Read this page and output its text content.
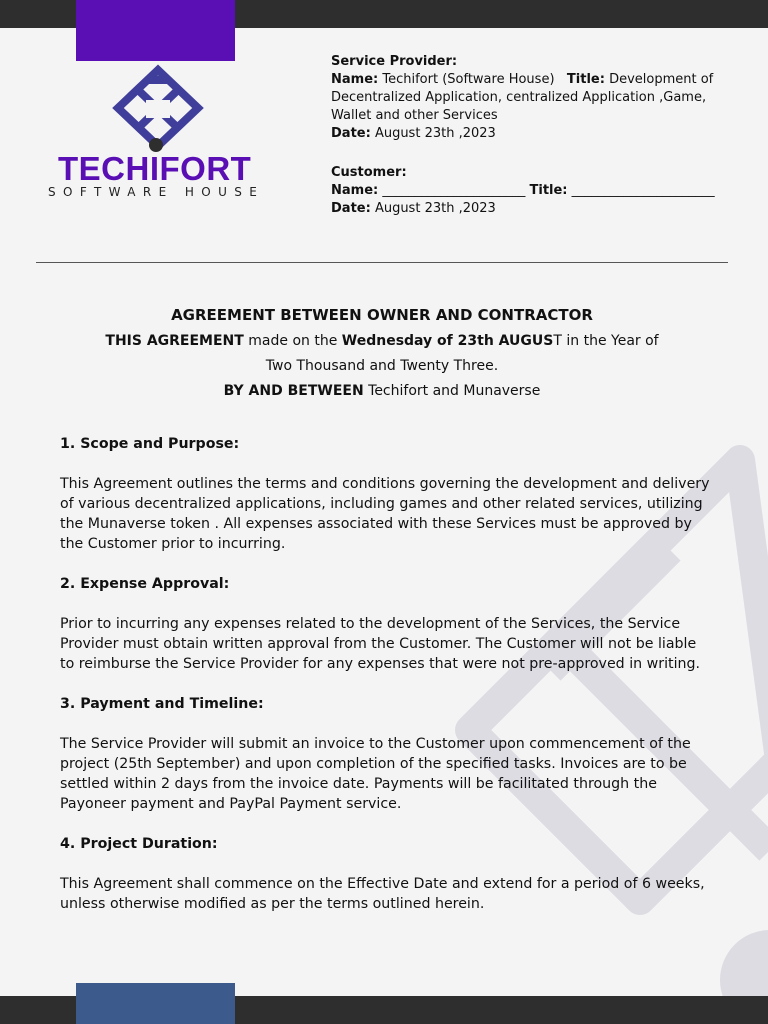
TECHIFORT
SOFTWARE HOUSE
Service Provider:
Name: Techifort (Software House) Title: Development of Decentralized Application, centralized Application ,Game, Wallet and other Services
Date: August 23th ,2023
Customer:
Name: ______________________ Title: ______________________
Date: August 23th ,2023
AGREEMENT BETWEEN OWNER AND CONTRACTOR

THIS AGREEMENT made on the Wednesday of 23th AUGUST in the Year of

Two Thousand and Twenty Three.

BY AND BETWEEN Techifort and Munaverse

1. Scope and Purpose:
This Agreement outlines the terms and conditions governing the development and delivery of various decentralized applications, including games and other related services, utilizing the Munaverse token . All expenses associated with these Services must be approved by the Customer prior to incurring.
2. Expense Approval:
Prior to incurring any expenses related to the development of the Services, the Service Provider must obtain written approval from the Customer. The Customer will not be liable to reimburse the Service Provider for any expenses that were not pre-approved in writing.
3. Payment and Timeline:
The Service Provider will submit an invoice to the Customer upon commencement of the project (25th September) and upon completion of the specified tasks. Invoices are to be settled within 2 days from the invoice date. Payments will be facilitated through the Payoneer payment and PayPal Payment service.
4. Project Duration:
This Agreement shall commence on the Effective Date and extend for a period of 6 weeks, unless otherwise modified as per the terms outlined herein.
